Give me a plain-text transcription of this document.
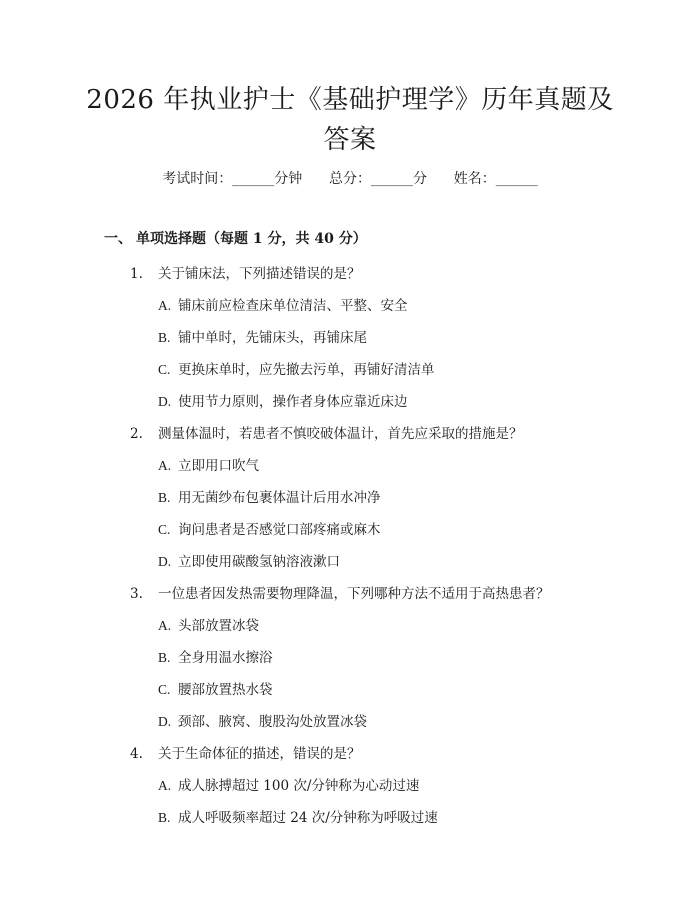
2026 年执业护士《基础护理学》历年真题及
答案
考试时间：______分钟      总分：______分      姓名：______
一、 单项选择题（每题 1 分，共 40 分）
1. 关于铺床法，下列描述错误的是？
A. 铺床前应检查床单位清洁、平整、安全
B. 铺中单时，先铺床头，再铺床尾
C. 更换床单时，应先撤去污单，再铺好清洁单
D. 使用节力原则，操作者身体应靠近床边
2. 测量体温时，若患者不慎咬破体温计，首先应采取的措施是？
A. 立即用口吹气
B. 用无菌纱布包裹体温计后用水冲净
C. 询问患者是否感觉口部疼痛或麻木
D. 立即使用碳酸氢钠溶液漱口
3. 一位患者因发热需要物理降温，下列哪种方法不适用于高热患者？
A. 头部放置冰袋
B. 全身用温水擦浴
C. 腰部放置热水袋
D. 颈部、腋窝、腹股沟处放置冰袋
4. 关于生命体征的描述，错误的是？
A. 成人脉搏超过 100 次/分钟称为心动过速
B. 成人呼吸频率超过 24 次/分钟称为呼吸过速
